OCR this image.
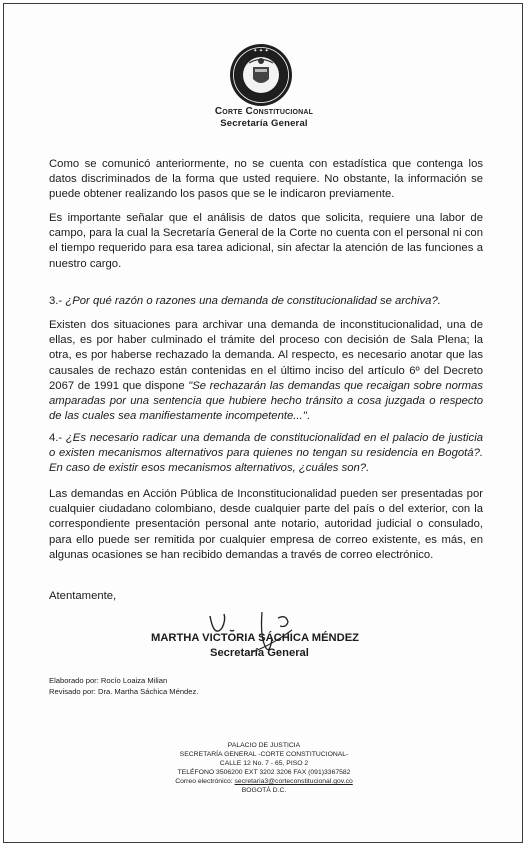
✦ ✦ ✦
Corte Constitucional
Secretaría General

Como se comunicó anteriormente, no se cuenta con estadística que contenga los datos discriminados de la forma que usted requiere. No obstante, la información se puede obtener realizando los pasos que se le indicaron previamente.

Es importante señalar que el análisis de datos que solicita, requiere una labor de campo, para la cual la Secretaría General de la Corte no cuenta con el personal ni con el tiempo requerido para esa tarea adicional, sin afectar la atención de las funciones a nuestro cargo.

3.- ¿Por qué razón o razones una demanda de constitucionalidad se archiva?.

Existen dos situaciones para archivar una demanda de inconstitucionalidad, una de ellas, es por haber culminado el trámite del proceso con decisión de Sala Plena; la otra, es por haberse rechazado la demanda. Al respecto, es necesario anotar que las causales de rechazo están contenidas en el último inciso del artículo 6º del Decreto 2067 de 1991 que dispone "Se rechazarán las demandas que recaigan sobre normas amparadas por una sentencia que hubiere hecho tránsito a cosa juzgada o respecto de las cuales sea manifiestamente incompetente...".

4.- ¿Es necesario radicar una demanda de constitucionalidad en el palacio de justicia o existen mecanismos alternativos para quienes no tengan su residencia en Bogotá?. En caso de existir esos mecanismos alternativos, ¿cuáles son?.

Las demandas en Acción Pública de Inconstitucionalidad pueden ser presentadas por cualquier ciudadano colombiano, desde cualquier parte del país o del exterior, con la correspondiente presentación personal ante notario, autoridad judicial o consulado, para ello puede ser remitida por cualquier empresa de correo existente, es más, en algunas ocasiones se han recibido demandas a través de correo electrónico.

Atentamente,
MARTHA VICTORIA SÁCHICA MÉNDEZ
Secretaría General
Elaborado por: Rocío Loaiza Milian
Revisado por: Dra. Martha Sáchica Méndez.
PALACIO DE JUSTICIA
SECRETARÍA GENERAL -CORTE CONSTITUCIONAL-
CALLE 12 No. 7 - 65, PISO 2
TELÉFONO 3506200 EXT 3202 3206 FAX (091)3367582
Correo electrónico: secretaria3@corteconstitucional.gov.co
BOGOTÁ D.C.
